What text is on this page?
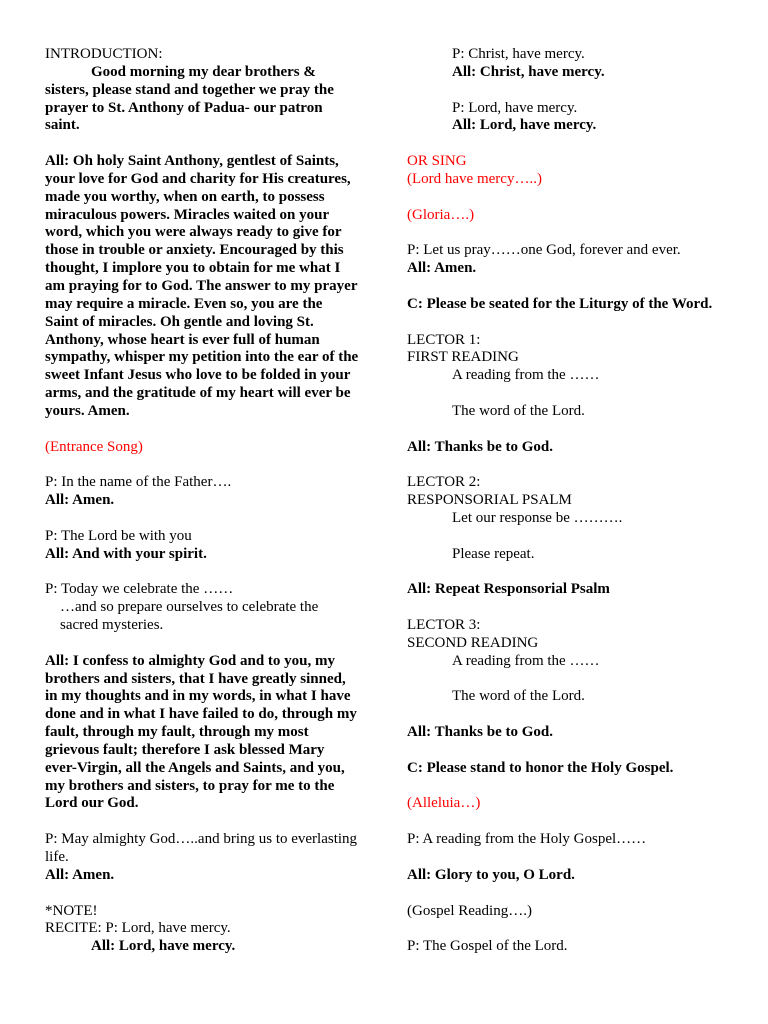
INTRODUCTION:
Good morning my dear brothers &
sisters, please stand and together we pray the
prayer to St. Anthony of Padua- our patron
saint.
All: Oh holy Saint Anthony, gentlest of Saints,
your love for God and charity for His creatures,
made you worthy, when on earth, to possess
miraculous powers. Miracles waited on your
word, which you were always ready to give for
those in trouble or anxiety. Encouraged by this
thought, I implore you to obtain for me what I
am praying for to God. The answer to my prayer
may require a miracle. Even so, you are the
Saint of miracles. Oh gentle and loving St.
Anthony, whose heart is ever full of human
sympathy, whisper my petition into the ear of the
sweet Infant Jesus who love to be folded in your
arms, and the gratitude of my heart will ever be
yours. Amen.
(Entrance Song)
P: In the name of the Father….
All: Amen.
P: The Lord be with you
All: And with your spirit.
P: Today we celebrate the ……
…and so prepare ourselves to celebrate the
sacred mysteries.
All: I confess to almighty God and to you, my
brothers and sisters, that I have greatly sinned,
in my thoughts and in my words, in what I have
done and in what I have failed to do, through my
fault, through my fault, through my most
grievous fault; therefore I ask blessed Mary
ever-Virgin, all the Angels and Saints, and you,
my brothers and sisters, to pray for me to the
Lord our God.
P: May almighty God…..and bring us to everlasting
life.
All: Amen.
*NOTE!
RECITE: P: Lord, have mercy.
All: Lord, have mercy.
P: Christ, have mercy.
All: Christ, have mercy.
P: Lord, have mercy.
All: Lord, have mercy.
OR SING
(Lord have mercy…..)
(Gloria….)
P: Let us pray……one God, forever and ever.
All: Amen.
C: Please be seated for the Liturgy of the Word.
LECTOR 1:
FIRST READING
A reading from the ……
The word of the Lord.
All: Thanks be to God.
LECTOR 2:
RESPONSORIAL PSALM
Let our response be ……….
Please repeat.
All: Repeat Responsorial Psalm
LECTOR 3:
SECOND READING
A reading from the ……
The word of the Lord.
All: Thanks be to God.
C: Please stand to honor the Holy Gospel.
(Alleluia…)
P: A reading from the Holy Gospel……
All: Glory to you, O Lord.
(Gospel Reading….)
P: The Gospel of the Lord.
